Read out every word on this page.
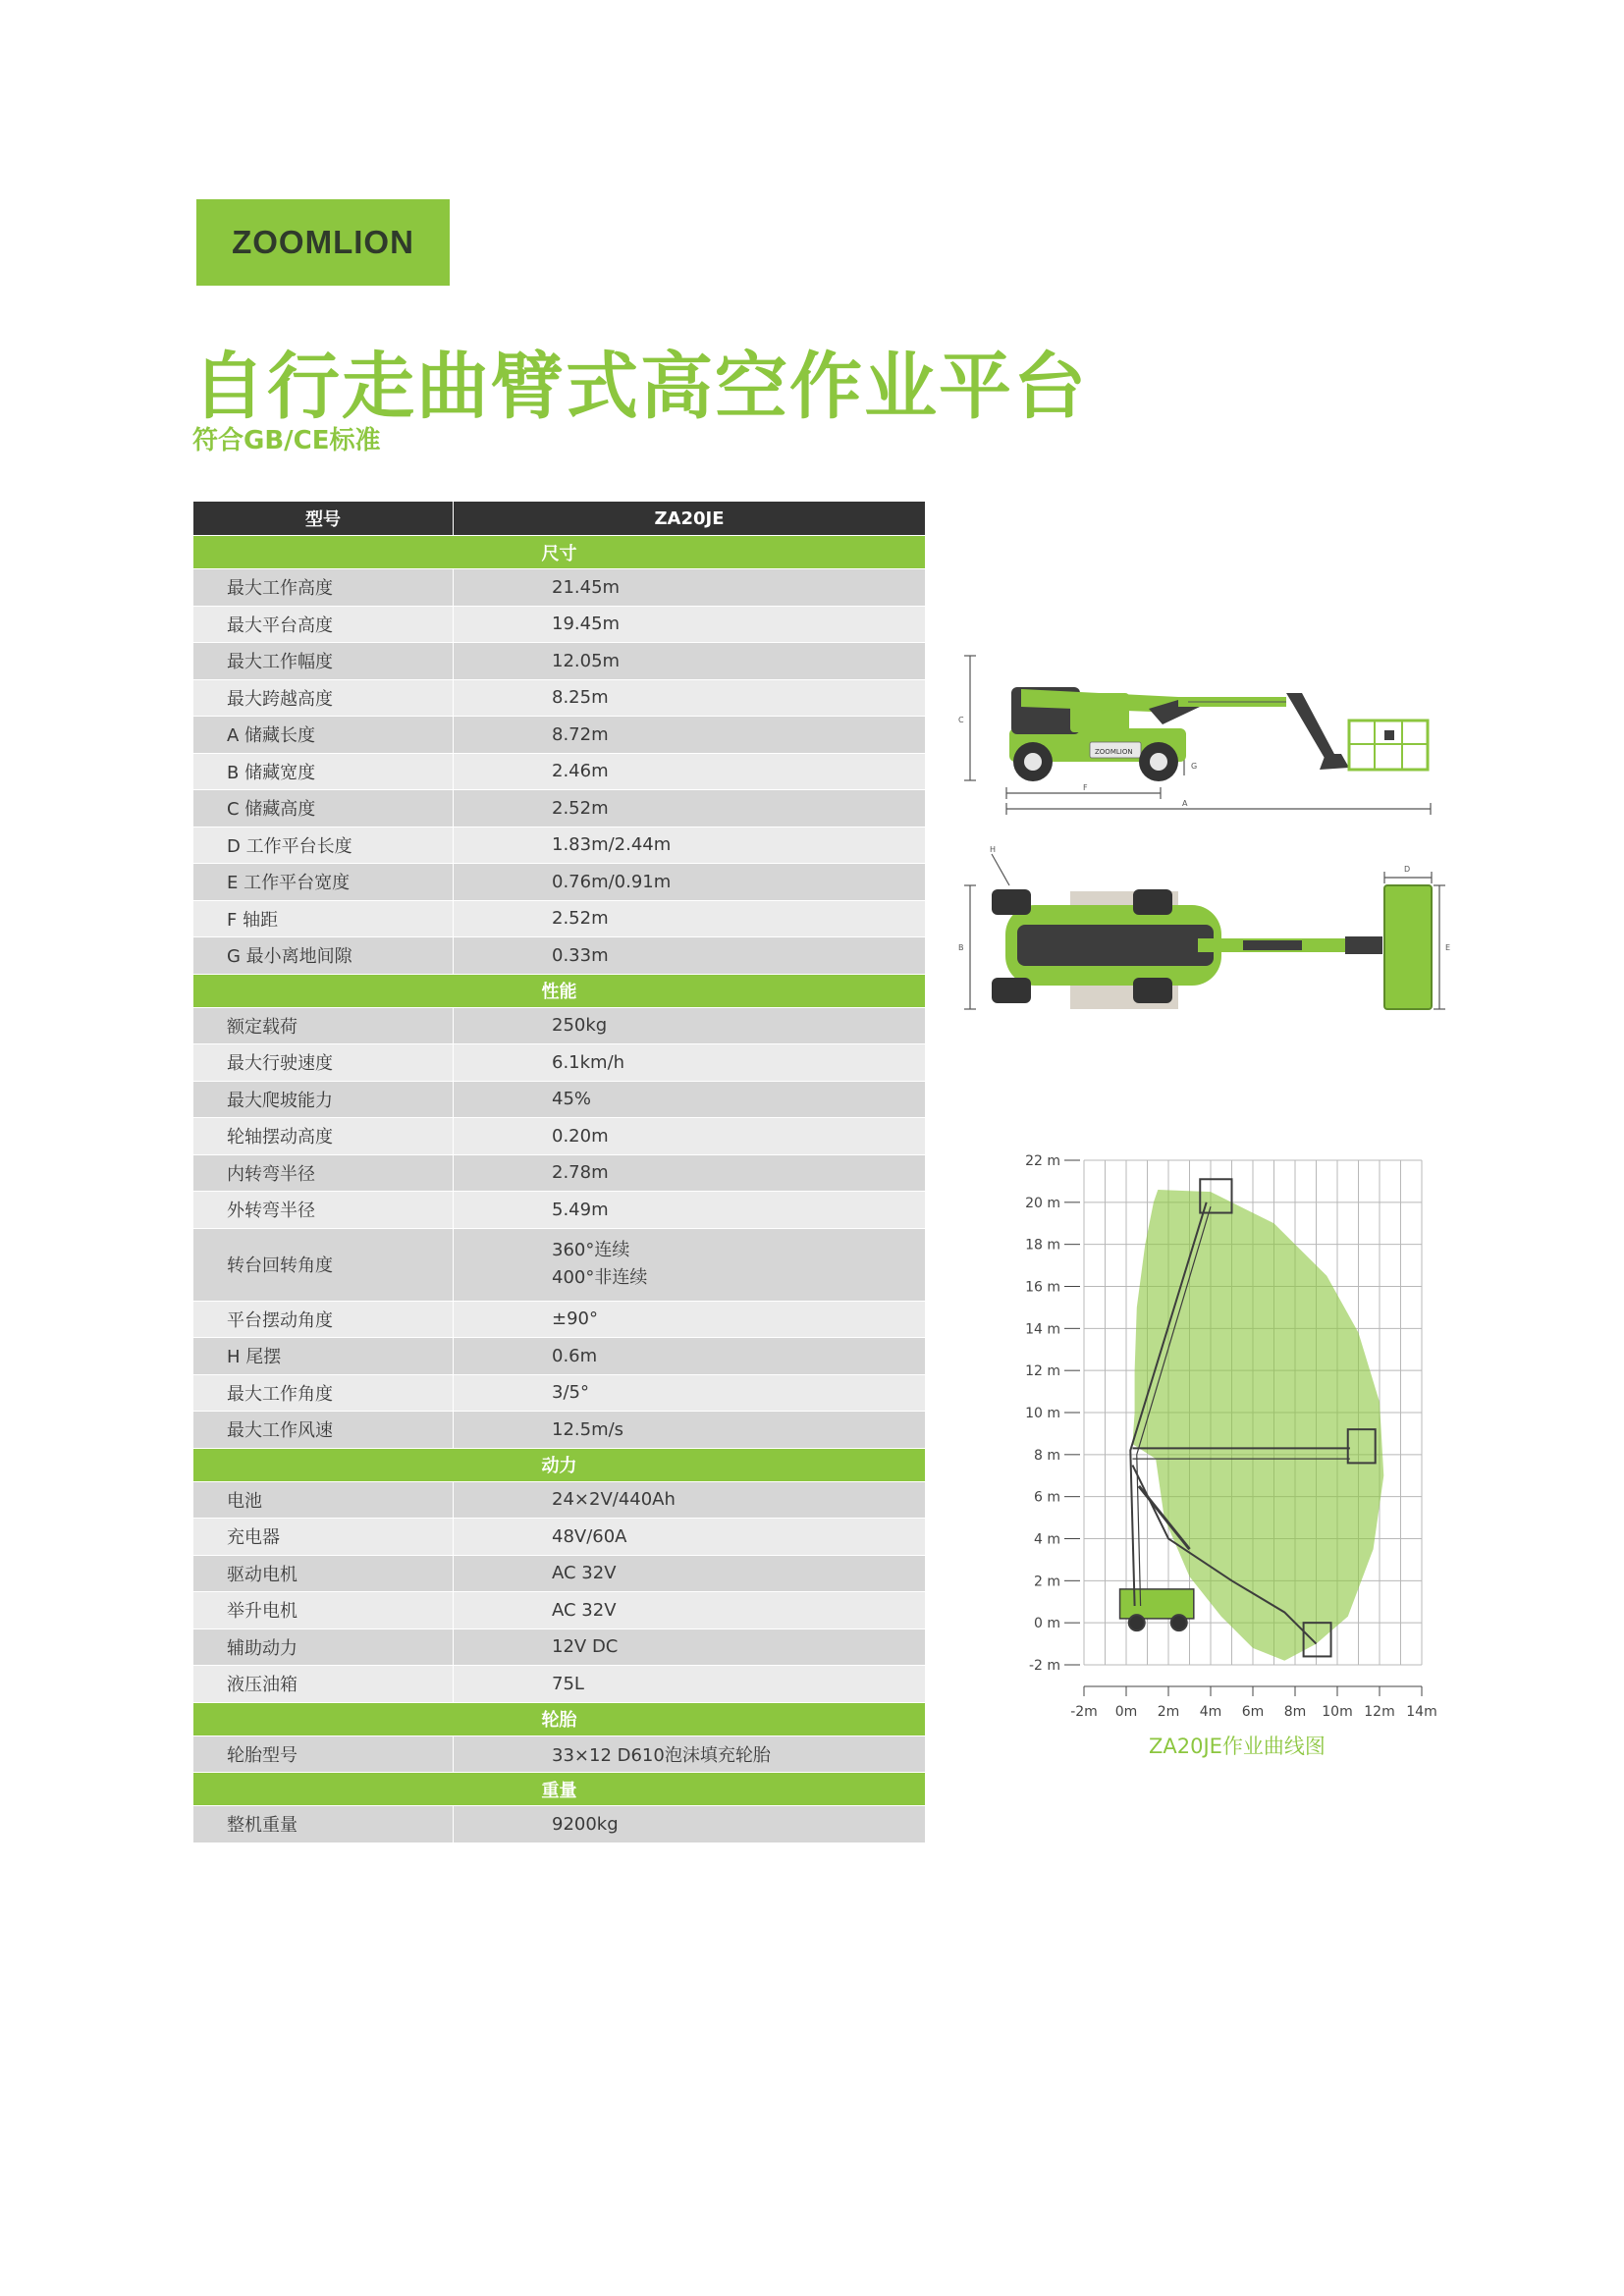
ZOOMLION
自行走曲臂式高空作业平台
符合GB/CE标准
型号	ZA20JE
尺寸	
最大工作高度	21.45m
最大平台高度	19.45m
最大工作幅度	12.05m
最大跨越高度	8.25m
A 储藏长度	8.72m
B 储藏宽度	2.46m
C 储藏高度	2.52m
D 工作平台长度	1.83m/2.44m
E 工作平台宽度	0.76m/0.91m
F 轴距	2.52m
G 最小离地间隙	0.33m
性能	
额定载荷	250kg
最大行驶速度	6.1km/h
最大爬坡能力	45%
轮轴摆动高度	0.20m
内转弯半径	2.78m
外转弯半径	5.49m
转台回转角度	360°连续
400°非连续

平台摆动角度	±90°
H 尾摆	0.6m
最大工作角度	3/5°
最大工作风速	12.5m/s
动力	
电池	24×2V/440Ah
充电器	48V/60A
驱动电机	AC 32V
举升电机	AC 32V
辅助动力	12V DC
液压油箱	75L
轮胎	
轮胎型号	33×12 D610泡沫填充轮胎
重量	
整机重量	9200kg
C
F
A
G
ZOOMLION
H
B
D
E
22 m
20 m
18 m
16 m
14 m
12 m
10 m
8 m
6 m
4 m
2 m
0 m
-2 m
-2m 0m 2m 4m 6m 8m 10m 12m 14m
ZA20JE作业曲线图
